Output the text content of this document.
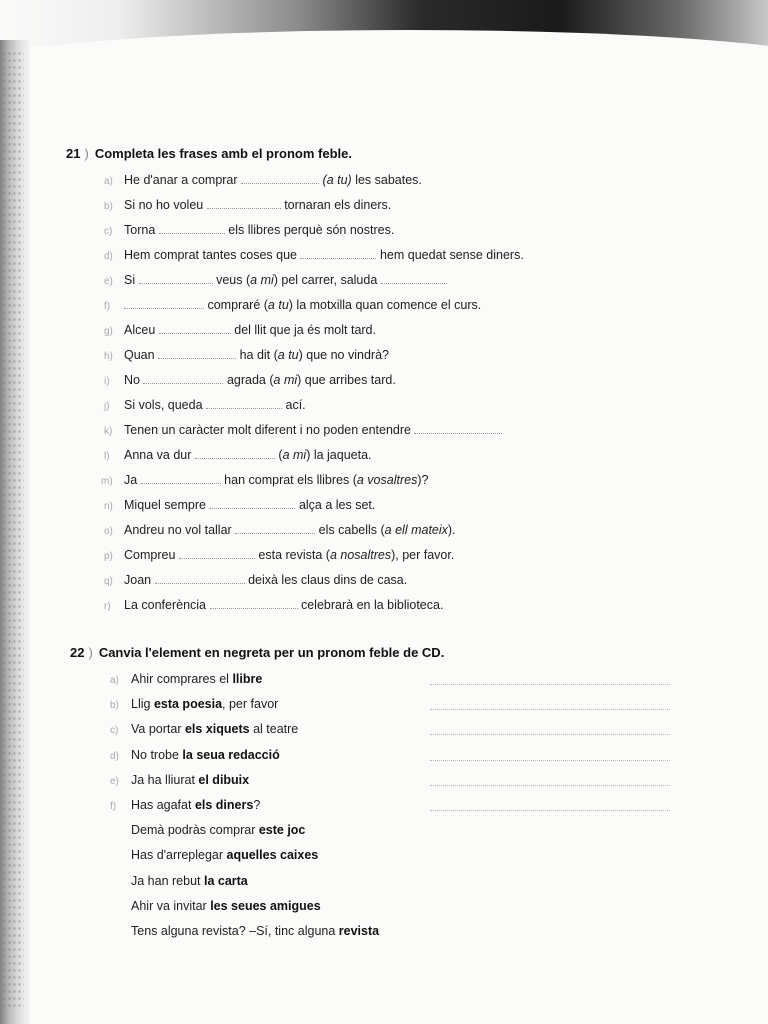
21 ) Completa les frases amb el pronom feble.
a) He d'anar a comprar	(a tu) les sabates.
b) Si no ho voleu	tornaran els diners.
c) Torna	els llibres perquè són nostres.
d) Hem comprat tantes coses que	hem quedat sense diners.
e) Si	veus (a mi) pel carrer, saluda
f)	compraré (a tu) la motxilla quan comence el curs.
g) Alceu	del llit que ja és molt tard.
h) Quan	ha dit (a tu) que no vindrà?
i) No	agrada (a mi) que arribes tard.
j) Si vols, queda	ací.
k) Tenen un caràcter molt diferent i no poden entendre
l) Anna va dur	(a mi) la jaqueta.
m) Ja	han comprat els llibres (a vosaltres)?
n) Miquel sempre	alça a les set.
o) Andreu no vol tallar	els cabells (a ell mateix).
p) Compreu	esta revista (a nosaltres), per favor.
q) Joan	deixà les claus dins de casa.
r) La conferència	celebrarà en la biblioteca.
22 ) Canvia l'element en negreta per un pronom feble de CD.
a) Ahir comprares el llibre
b) Llig esta poesia, per favor
c) Va portar els xiquets al teatre
d) No trobe la seua redacció
e) Ja ha lliurat el dibuix
f) Has agafat els diners?
Demà podràs comprar este joc
Has d'arreplegar aquelles caixes
Ja han rebut la carta
Ahir va invitar les seues amigues
Tens alguna revista? –Sí, tinc alguna revista
